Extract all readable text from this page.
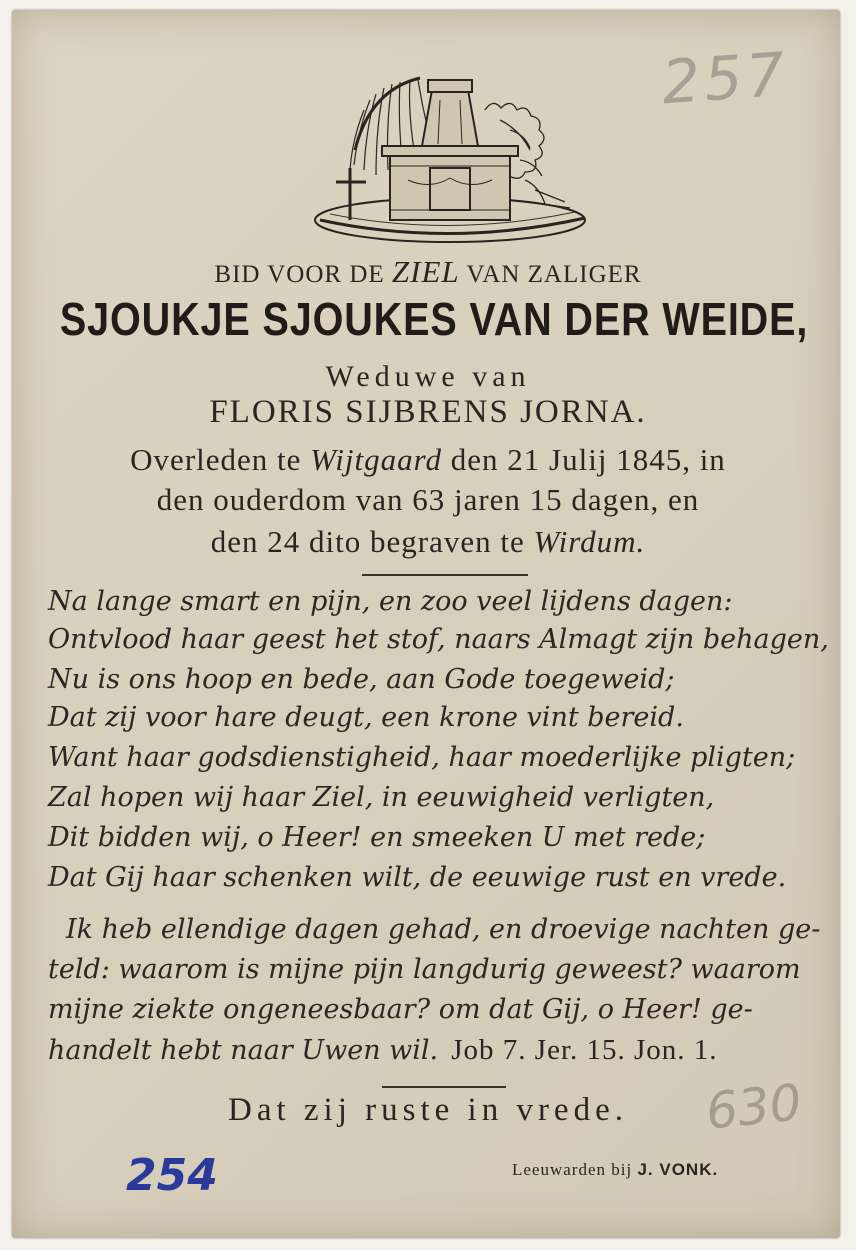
257
BID VOOR DE ZIEL VAN ZALIGER
SJOUKJE SJOUKES VAN DER WEIDE,
Weduwe van
FLORIS SIJBRENS JORNA.
Overleden te Wijtgaard den 21 Julij 1845, in
den ouderdom van 63 jaren 15 dagen, en
den 24 dito begraven te Wirdum.
Na lange smart en pijn, en zoo veel lijdens dagen:
Ontvlood haar geest het stof, naars Almagt zijn behagen,
Nu is ons hoop en bede, aan Gode toegeweid;
Dat zij voor hare deugt, een krone vint bereid.
Want haar godsdienstigheid, haar moederlijke pligten;
Zal hopen wij haar Ziel, in eeuwigheid verligten,
Dit bidden wij, o Heer! en smeeken U met rede;
Dat Gij haar schenken wilt, de eeuwige rust en vrede.
Ik heb ellendige dagen gehad, en droevige nachten ge-
teld: waarom is mijne pijn langdurig geweest? waarom
mijne ziekte ongeneesbaar? om dat Gij, o Heer! ge-
handelt hebt naar Uwen wil. Job 7. Jer. 15. Jon. 1.
Dat zij ruste in vrede.	630
254	Leeuwarden bij J. VONK.
